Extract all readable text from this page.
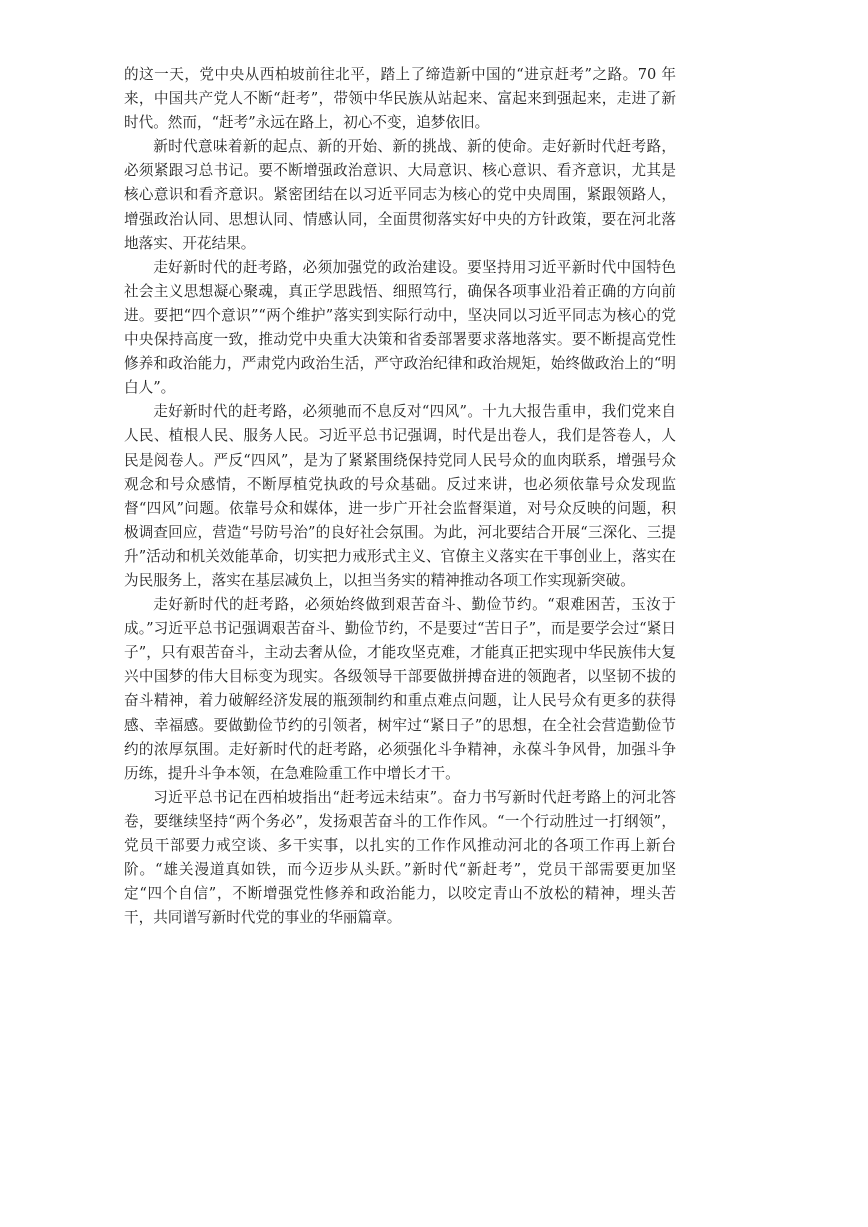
的这一天，党中央从西柏坡前往北平，踏上了缔造新中国的“进京赶考”之路。70 年来，中国共产党人不断“赶考”，带领中华民族从站起来、富起来到强起来，走进了新时代。然而，“赶考”永远在路上，初心不变，追梦依旧。

新时代意味着新的起点、新的开始、新的挑战、新的使命。走好新时代赶考路，必须紧跟习总书记。要不断增强政治意识、大局意识、核心意识、看齐意识，尤其是核心意识和看齐意识。紧密团结在以习近平同志为核心的党中央周围，紧跟领路人，增强政治认同、思想认同、情感认同，全面贯彻落实好中央的方针政策，要在河北落地落实、开花结果。

走好新时代的赶考路，必须加强党的政治建设。要坚持用习近平新时代中国特色社会主义思想凝心聚魂，真正学思践悟、细照笃行，确保各项事业沿着正确的方向前进。要把“四个意识”“两个维护”落实到实际行动中，坚决同以习近平同志为核心的党中央保持高度一致，推动党中央重大决策和省委部署要求落地落实。要不断提高党性修养和政治能力，严肃党内政治生活，严守政治纪律和政治规矩，始终做政治上的“明白人”。

走好新时代的赶考路，必须驰而不息反对“四风”。十九大报告重申，我们党来自人民、植根人民、服务人民。习近平总书记强调，时代是出卷人，我们是答卷人，人民是阅卷人。严反“四风”，是为了紧紧围绕保持党同人民号众的血肉联系，增强号众观念和号众感情，不断厚植党执政的号众基础。反过来讲，也必须依靠号众发现监督“四风”问题。依靠号众和媒体，进一步广开社会监督渠道，对号众反映的问题，积极调查回应，营造“号防号治”的良好社会氛围。为此，河北要结合开展“三深化、三提升”活动和机关效能革命，切实把力戒形式主义、官僚主义落实在干事创业上，落实在为民服务上，落实在基层减负上，以担当务实的精神推动各项工作实现新突破。

走好新时代的赶考路，必须始终做到艰苦奋斗、勤俭节约。“艰难困苦，玉汝于成。”习近平总书记强调艰苦奋斗、勤俭节约，不是要过“苦日子”，而是要学会过“紧日子”，只有艰苦奋斗，主动去奢从俭，才能攻坚克难，才能真正把实现中华民族伟大复兴中国梦的伟大目标变为现实。各级领导干部要做拼搏奋进的领跑者，以坚韧不拔的奋斗精神，着力破解经济发展的瓶颈制约和重点难点问题，让人民号众有更多的获得感、幸福感。要做勤俭节约的引领者，树牢过“紧日子”的思想，在全社会营造勤俭节约的浓厚氛围。走好新时代的赶考路，必须强化斗争精神，永葆斗争风骨，加强斗争历练，提升斗争本领，在急难险重工作中增长才干。

习近平总书记在西柏坡指出“赶考远未结束”。奋力书写新时代赶考路上的河北答卷，要继续坚持“两个务必”，发扬艰苦奋斗的工作作风。“一个行动胜过一打纲领”，党员干部要力戒空谈、多干实事，以扎实的工作作风推动河北的各项工作再上新台阶。“雄关漫道真如铁，而今迈步从头跃。”新时代“新赶考”，党员干部需要更加坚定“四个自信”，不断增强党性修养和政治能力，以咬定青山不放松的精神，埋头苦干，共同谱写新时代党的事业的华丽篇章。
